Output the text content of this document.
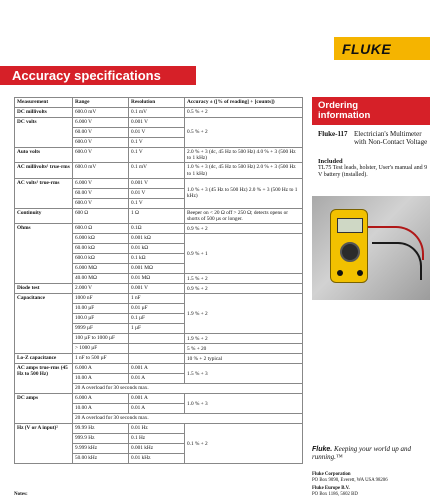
FLUKE
Accuracy specifications
Measurement	Range	Resolution	Accuracy ± ([% of reading] + [counts])
DC millivolts	600.0 mV	0.1 mV	0.5 % + 2
DC volts	6.000 V	0.001 V	0.5 % + 2
	60.00 V	0.01 V	
	600.0 V	0.1 V	
Auto volts	600.0 V	0.1 V	2.0 % + 3 (dc, 45 Hz to 500 Hz) 4.0 % + 3 (500 Hz to 1 kHz)
AC millivolts¹ true-rms	600.0 mV	0.1 mV	1.0 % + 3 (dc, 45 Hz to 500 Hz) 2.0 % + 3 (500 Hz to 1 kHz)
AC volts¹ true-rms	6.000 V	0.001 V	1.0 % + 3 (45 Hz to 500 Hz) 2.0 % + 3 (500 Hz to 1 kHz)
	60.00 V	0.01 V	
	600.0 V	0.1 V	
Continuity	600 Ω	1 Ω	Beeper on < 20 Ω off > 250 Ω; detects opens or shorts of 500 µs or longer.
Ohms	600.0 Ω	0.1Ω	0.9 % + 2
	6.000 kΩ	0.001 kΩ	0.9 % + 1
	60.00 kΩ	0.01 kΩ	
	600.0 kΩ	0.1 kΩ	
	6.000 MΩ	0.001 MΩ	
	40.00 MΩ	0.01 MΩ	1.5 % + 2
Diode test	2.000 V	0.001 V	0.9 % + 2
Capacitance	1000 nF	1 nF	1.9 % + 2
	10.00 µF	0.01 µF	
	100.0 µF	0.1 µF	
	9999 µF	1 µF	
	100 µF to 1000 µF		1.9 % + 2
	> 1000 µF		5 % + 20
Lo-Z capacitance	1 nF to 500 µF		10 % + 2 typical
AC amps true-rms (45 Hz to 500 Hz)	6.000 A	0.001 A	1.5 % + 3
	10.00 A	0.01 A	
	20 A overload for 30 seconds max.		
DC amps	6.000 A	0.001 A	1.0 % + 3
	10.00 A	0.01 A	
	20 A overload for 30 seconds max.		
Hz (V or A input)²	99.99 Hz	0.01 Hz	0.1 % + 2
	999.9 Hz	0.1 Hz	
	9.999 kHz	0.001 kHz	
	50.00 kHz	0.01 kHz	
Notes:
Ordering
information
Fluke-117 Electrician's Multimeter with Non-Contact Voltage
Included
TL75 Test leads, holster, User's manual and 9 V battery (installed).
Fluke. Keeping your world up and running.™
Fluke Corporation
PO Box 9090, Everett, WA USA 98206
Fluke Europe B.V.
PO Box 1186, 5602 BD
